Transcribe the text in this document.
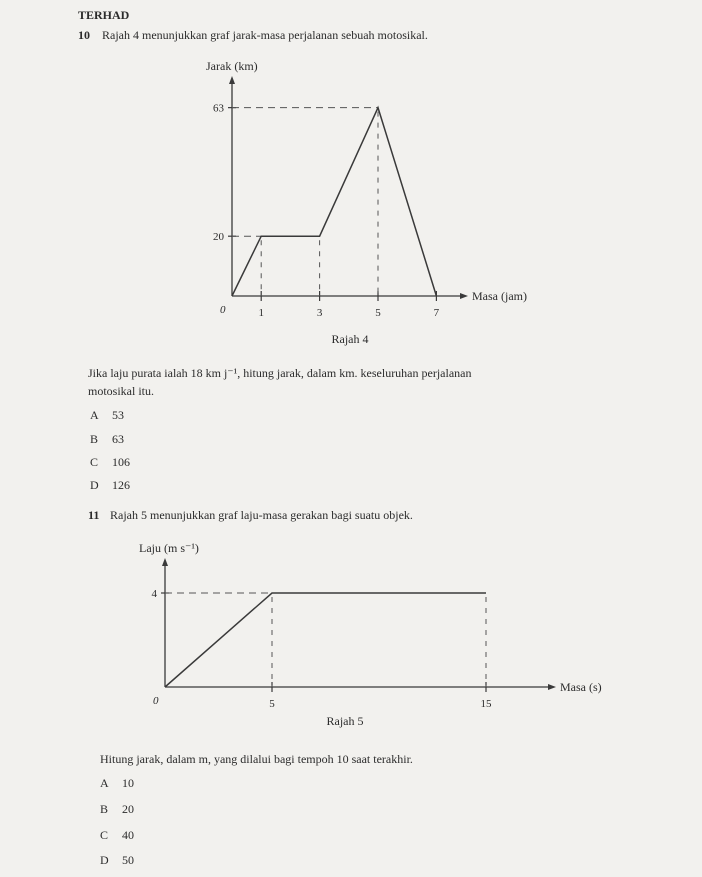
TERHAD
10 Rajah 4 menunjukkan graf jarak-masa perjalanan sebuah motosikal.
Jarak (km)
Masa (jam)
0
20
63
1	3	5	7
Rajah 4
Jika laju purata ialah 18 km j⁻¹, hitung jarak, dalam km. keseluruhan perjalanan
motosikal itu.
A 53
B 63
C 106
D 126
11 Rajah 5 menunjukkan graf laju-masa gerakan bagi suatu objek.
Laju (m s⁻¹)
Masa (s)
0
4
5	15
Rajah 5
Hitung jarak, dalam m, yang dilalui bagi tempoh 10 saat terakhir.
A 10
B 20
C 40
D 50
